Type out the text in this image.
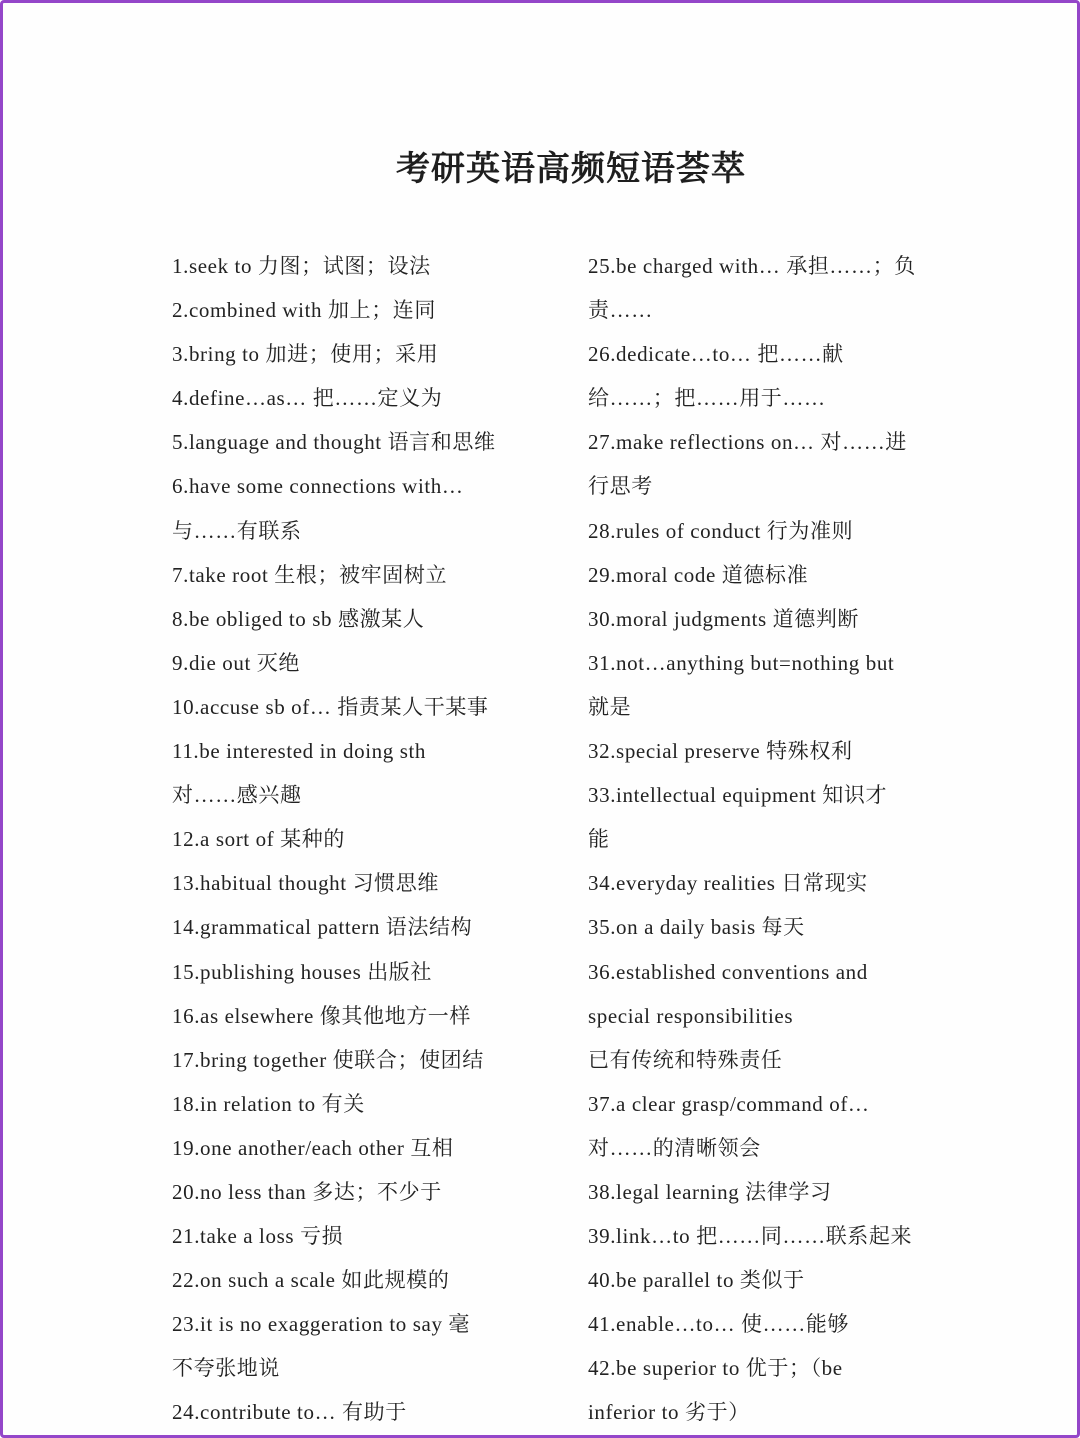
考研英语高频短语荟萃
1.seek to 力图；试图；设法
2.combined with 加上；连同
3.bring to 加进；使用；采用
4.define…as… 把……定义为
5.language and thought 语言和思维
6.have some connections with…
与……有联系
7.take root 生根；被牢固树立
8.be obliged to sb 感激某人
9.die out 灭绝
10.accuse sb of… 指责某人干某事
11.be interested in doing sth
对……感兴趣
12.a sort of 某种的
13.habitual thought 习惯思维
14.grammatical pattern 语法结构
15.publishing houses 出版社
16.as elsewhere 像其他地方一样
17.bring together 使联合；使团结
18.in relation to 有关
19.one another/each other 互相
20.no less than 多达；不少于
21.take a loss 亏损
22.on such a scale 如此规模的
23.it is no exaggeration to say 毫
不夸张地说
24.contribute to… 有助于
25.be charged with… 承担……；负
责……
26.dedicate…to… 把……献
给……；把……用于……
27.make reflections on… 对……进
行思考
28.rules of conduct 行为准则
29.moral code 道德标准
30.moral judgments 道德判断
31.not…anything but=nothing but
就是
32.special preserve 特殊权利
33.intellectual equipment 知识才
能
34.everyday realities 日常现实
35.on a daily basis 每天
36.established conventions and
special responsibilities
已有传统和特殊责任
37.a clear grasp/command of…
对……的清晰领会
38.legal learning 法律学习
39.link…to 把……同……联系起来
40.be parallel to 类似于
41.enable…to… 使……能够
42.be superior to 优于；（be
inferior to 劣于）
